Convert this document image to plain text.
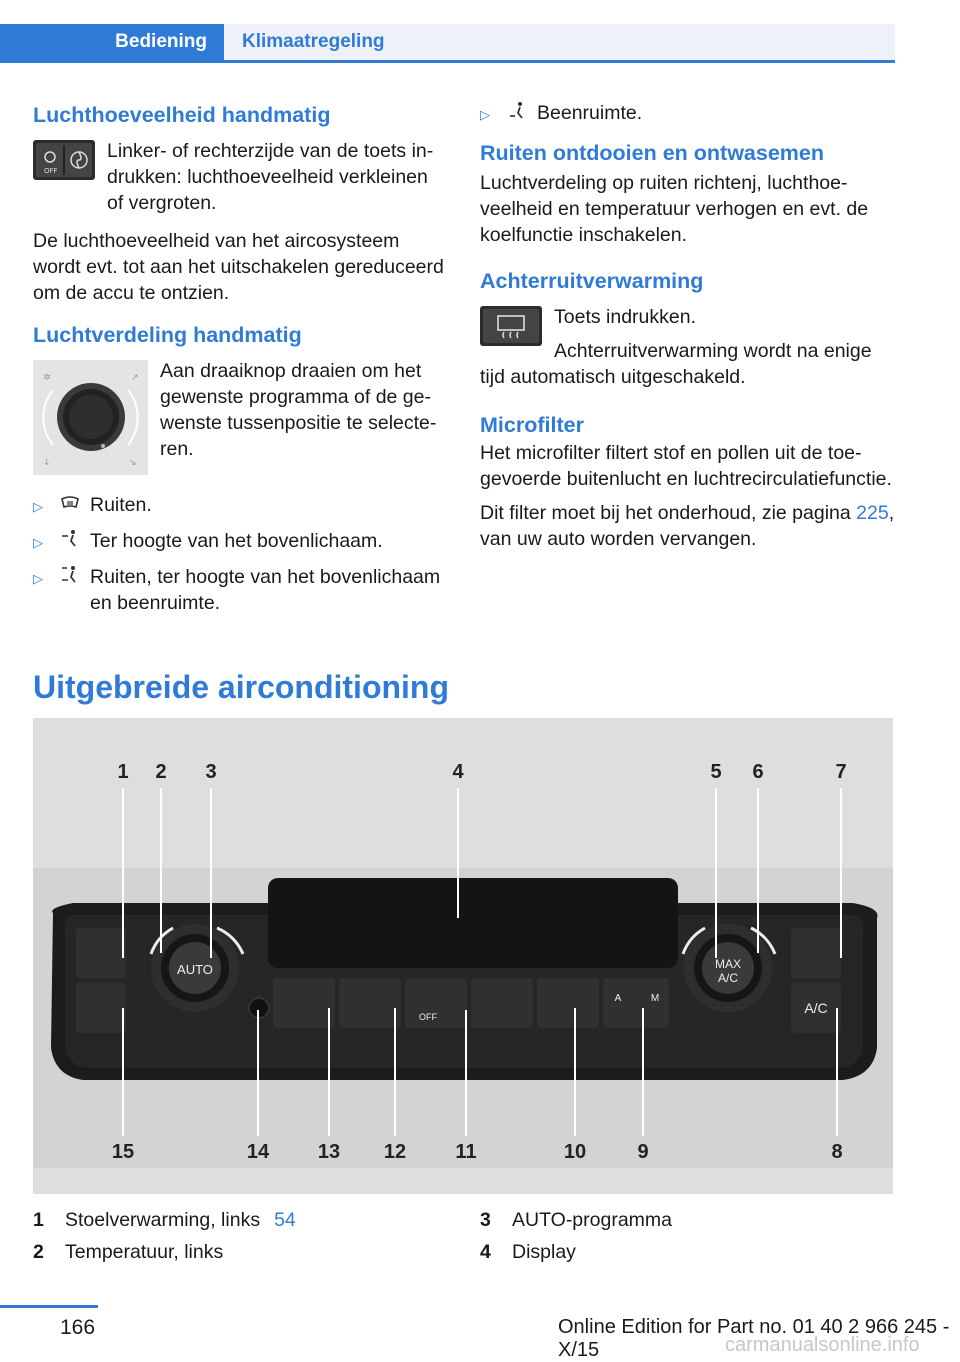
Bediening	Klimaatregeling
Luchthoeveelheid handmatig
OFF

Linker- of rechterzijde van de toets indrukken: luchthoeveelheid verkleinen of vergroten.

De luchthoeveelheid van het aircosysteem wordt evt. tot aan het uitschakelen gereduceerd om de accu te ontzien.

Luchtverdeling handmatig
✲	↗
↓	↘

Aan draaiknop draaien om het gewenste programma of de gewenste tussenpositie te selecteren.

▷	Ruiten.
▷	Ter hoogte van het bovenlichaam.
▷	Ruiten, ter hoogte van het bovenlichaam en beenruimte.
▷	Beenruimte.
Ruiten ontdooien en ontwasemen

Luchtverdeling op ruiten richtenj, luchthoeveelheid en temperatuur verhogen en evt. de koelfunctie inschakelen.

Achterruitverwarming

Toets indrukken.

Achterruitverwarming wordt na enige tijd automatisch uitgeschakeld.

Microfilter

Het microfilter filtert stof en pollen uit de toegevoerde buitenlucht en luchtrecirculatiefunctie.

Dit filter moet bij het onderhoud, zie pagina 225, van uw auto worden vervangen.

Uitgebreide airconditioning
AUTO	MAX
A/C
A/C
OFF
A	M
1 2 3	4	5 6	7
15	14 13 12 11	10	9	8
1	Stoelverwarming, links 54
2	Temperatuur, links
3	AUTO-programma
4	Display
166	Online Edition for Part no. 01 40 2 966 245 - X/15	carmanualsonline.info
